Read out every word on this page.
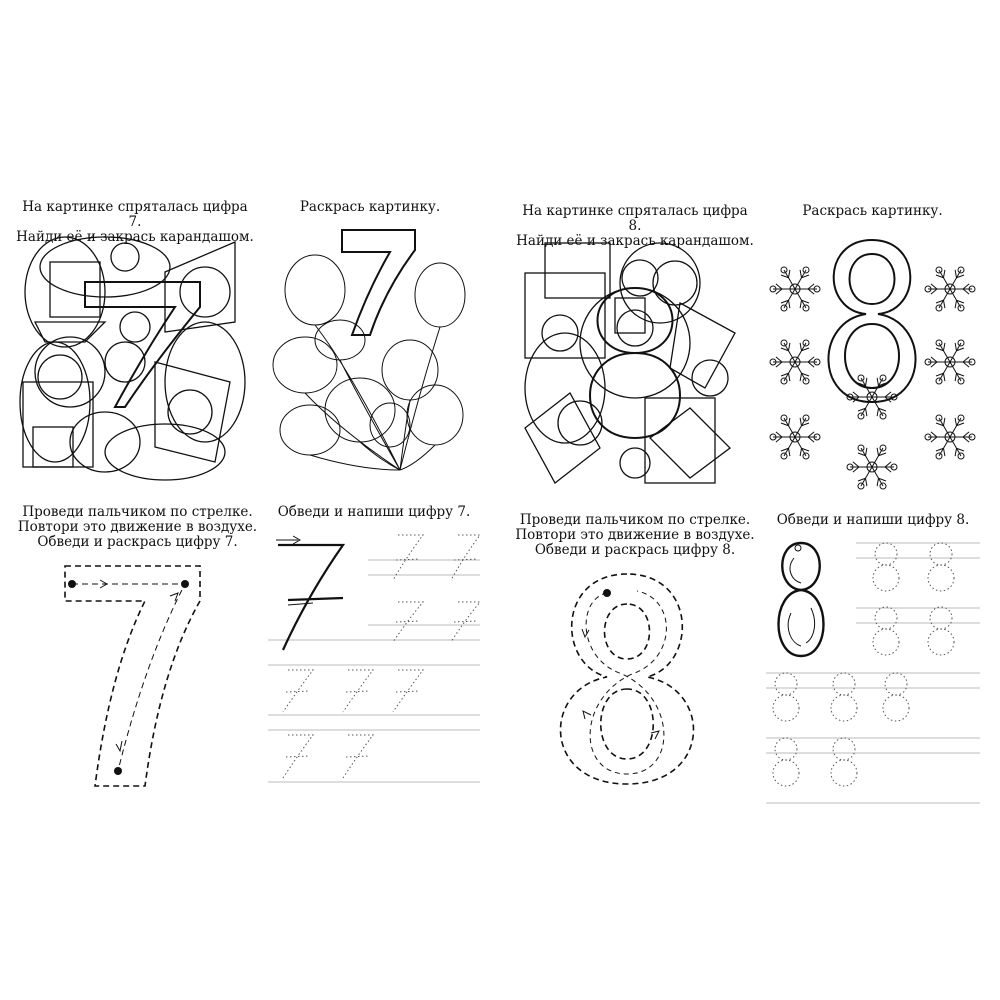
На картинке спряталась цифра 7.
Найди её и закрась карандашом.
Раскрась картинку.	На картинке спряталась цифра 8.
Найди её и закрась карандашом.
Раскрась картинку.
Проведи пальчиком по стрелке.
Повтори это движение в воздухе.
Обведи и раскрась цифру 7.
Обведи и напиши цифру 7.	Проведи пальчиком по стрелке.
Повтори это движение в воздухе.
Обведи и раскрась цифру 8.
Обведи и напиши цифру 8.
